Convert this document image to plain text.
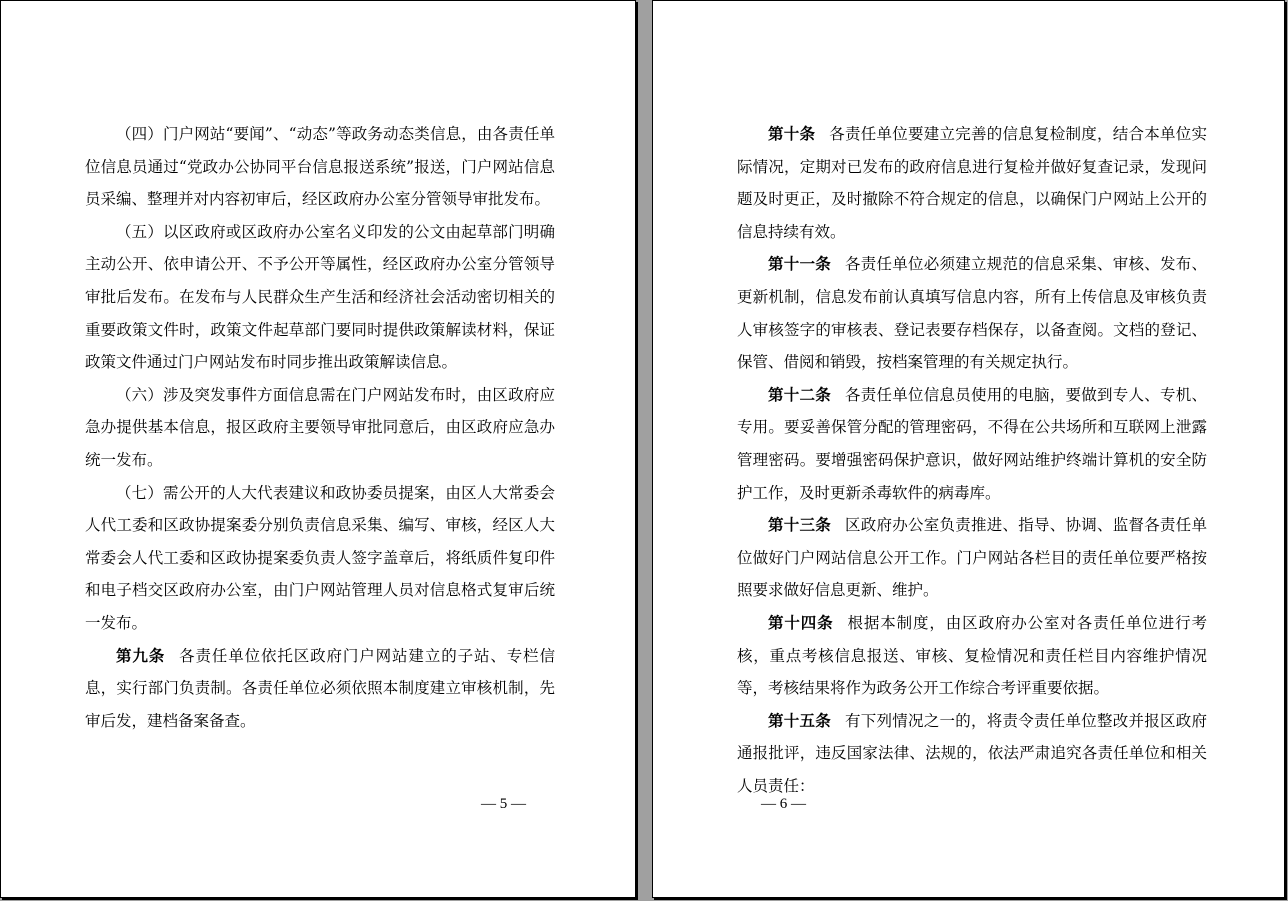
（四）门户网站“要闻”、“动态”等政务动态类信息，由各责任单位信息员通过“党政办公协同平台信息报送系统”报送，门户网站信息员采编、整理并对内容初审后，经区政府办公室分管领导审批发布。

（五）以区政府或区政府办公室名义印发的公文由起草部门明确主动公开、依申请公开、不予公开等属性，经区政府办公室分管领导审批后发布。在发布与人民群众生产生活和经济社会活动密切相关的重要政策文件时，政策文件起草部门要同时提供政策解读材料，保证政策文件通过门户网站发布时同步推出政策解读信息。

（六）涉及突发事件方面信息需在门户网站发布时，由区政府应急办提供基本信息，报区政府主要领导审批同意后，由区政府应急办统一发布。

（七）需公开的人大代表建议和政协委员提案，由区人大常委会人代工委和区政协提案委分别负责信息采集、编写、审核，经区人大常委会人代工委和区政协提案委负责人签字盖章后，将纸质件复印件和电子档交区政府办公室，由门户网站管理人员对信息格式复审后统一发布。

第九条 各责任单位依托区政府门户网站建立的子站、专栏信息，实行部门负责制。各责任单位必须依照本制度建立审核机制，先审后发，建档备案备查。

— 5 —

第十条 各责任单位要建立完善的信息复检制度，结合本单位实际情况，定期对已发布的政府信息进行复检并做好复查记录，发现问题及时更正，及时撤除不符合规定的信息，以确保门户网站上公开的信息持续有效。

第十一条 各责任单位必须建立规范的信息采集、审核、发布、更新机制，信息发布前认真填写信息内容，所有上传信息及审核负责人审核签字的审核表、登记表要存档保存，以备查阅。文档的登记、保管、借阅和销毁，按档案管理的有关规定执行。

第十二条 各责任单位信息员使用的电脑，要做到专人、专机、专用。要妥善保管分配的管理密码，不得在公共场所和互联网上泄露管理密码。要增强密码保护意识，做好网站维护终端计算机的安全防护工作，及时更新杀毒软件的病毒库。

第十三条 区政府办公室负责推进、指导、协调、监督各责任单位做好门户网站信息公开工作。门户网站各栏目的责任单位要严格按照要求做好信息更新、维护。

第十四条 根据本制度，由区政府办公室对各责任单位进行考核，重点考核信息报送、审核、复检情况和责任栏目内容维护情况等，考核结果将作为政务公开工作综合考评重要依据。

第十五条 有下列情况之一的，将责令责任单位整改并报区政府通报批评，违反国家法律、法规的，依法严肃追究各责任单位和相关人员责任：

— 6 —
